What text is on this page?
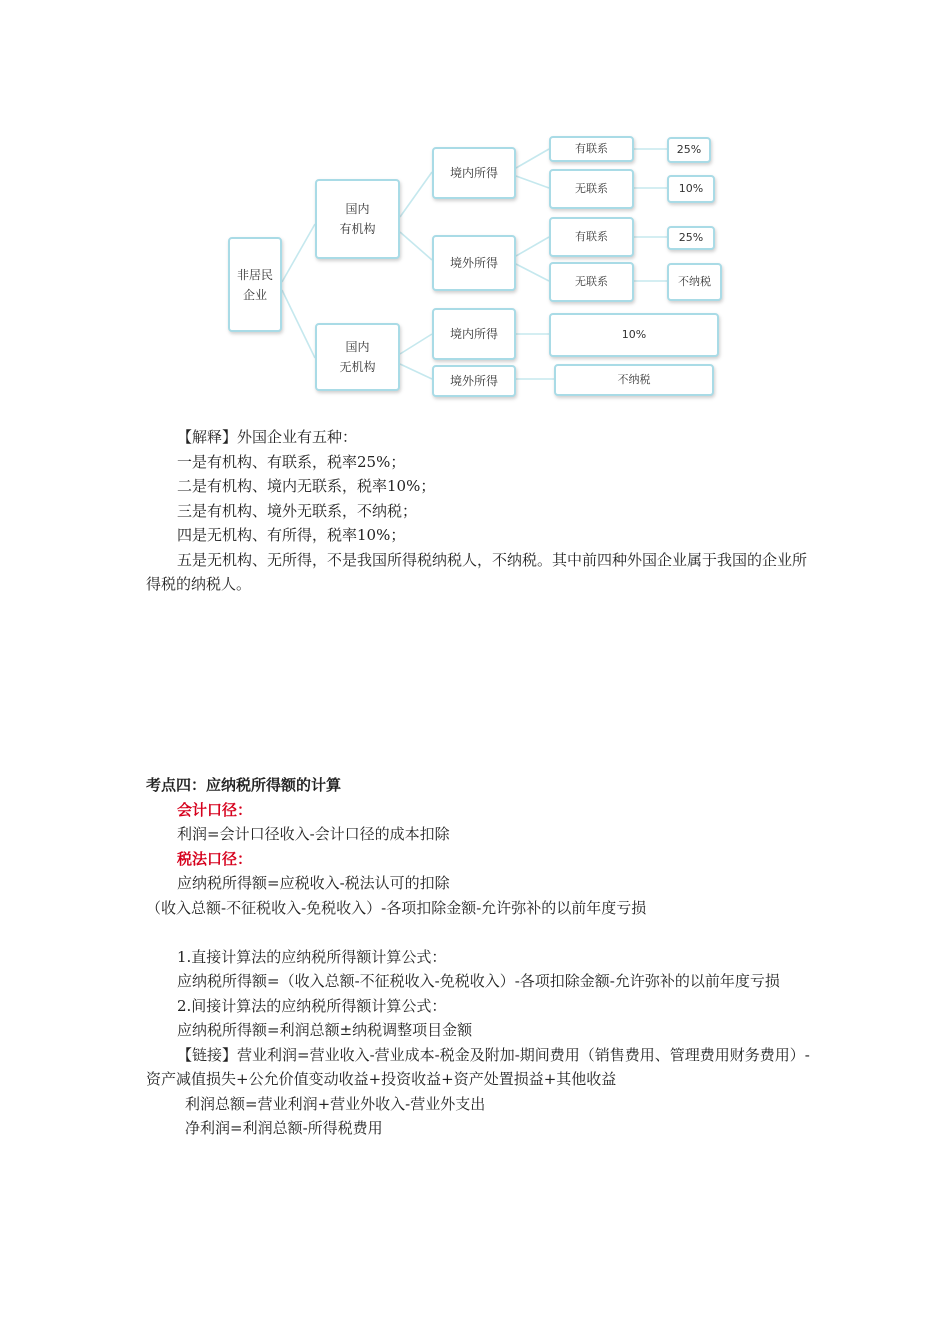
非居民
企业
国内
有机构
国内
无机构
境内所得
境外所得
境内所得
境外所得
有联系
无联系
有联系
无联系
25%
10%
25%
不纳税
10%
不纳税

【解释】外国企业有五种：

一是有机构、有联系，税率25%；

二是有机构、境内无联系，税率10%；

三是有机构、境外无联系，不纳税；

四是无机构、有所得，税率10%；

五是无机构、无所得，不是我国所得税纳税人，不纳税。其中前四种外国企业属于我国的企业所得税的纳税人。

考点四：应纳税所得额的计算

会计口径：

利润=会计口径收入-会计口径的成本扣除

税法口径：

应纳税所得额=应税收入-税法认可的扣除

（收入总额-不征税收入-免税收入）-各项扣除金额-允许弥补的以前年度亏损

1.直接计算法的应纳税所得额计算公式：

应纳税所得额=（收入总额-不征税收入-免税收入）-各项扣除金额-允许弥补的以前年度亏损

2.间接计算法的应纳税所得额计算公式：

应纳税所得额=利润总额±纳税调整项目金额

【链接】营业利润=营业收入-营业成本-税金及附加-期间费用（销售费用、管理费用财务费用）-资产减值损失+公允价值变动收益+投资收益+资产处置损益+其他收益

利润总额=营业利润+营业外收入-营业外支出

净利润=利润总额-所得税费用
